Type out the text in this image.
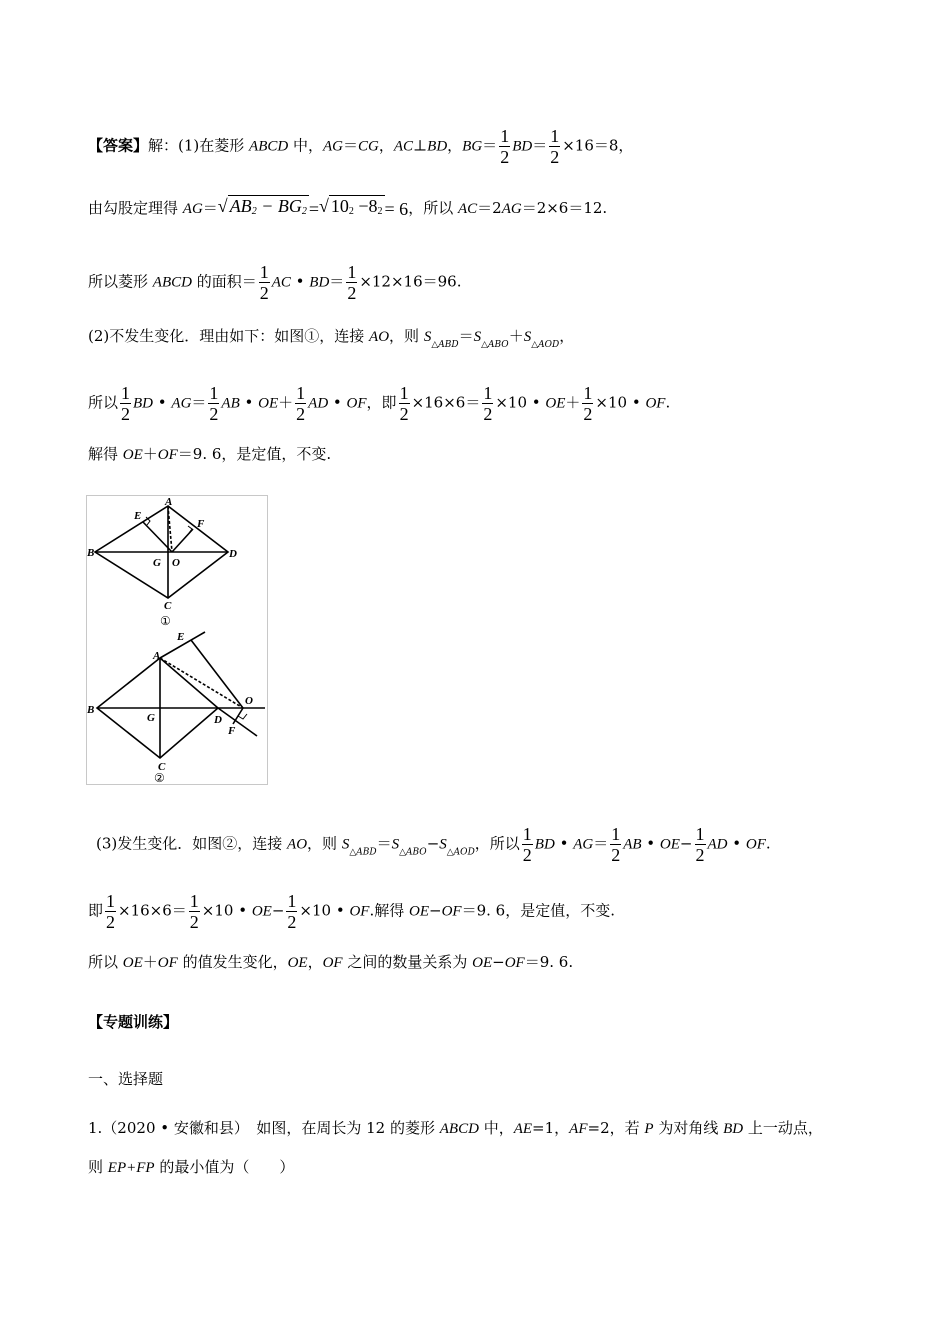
【答案】解：(1)在菱形 ABCD 中，AG＝CG，AC⊥BD，$BG= \frac{1}{2} BD= \frac{1}{2} \times 16=8$，
由勾股定理得 AG＝√ $AB_2 - BG_2=√$ $10_2 -8_2= 6$，所以 AC＝2AG＝2×6＝12.
所以菱形 ABCD 的面积＝ $\frac{1}{2}$ AC • $BD= \frac{1}{2} \times 12\times 16=96$.
(2)不发生变化．理由如下：如图①，连接 AO，则 $S_{\triangle ABD}=S_{\triangle ABO}+S_{\triangle AOD}$，
所以 $\frac{1}{2}$ BD • $AG= \frac{1}{2}$ AB • $OE+ \frac{1}{2}$ AD • OF，即 $\frac{1}{2} \times 16\times 6= \frac{1}{2} \times 10$ • $OE+ \frac{1}{2} \times 10$ • OF.
解得 OE＋OF＝9. 6，是定值，不变.
A
B
C
D
E
F
G O
A
B
C
D
E
F
G
O
①
②
(3)发生变化．如图②，连接 AO，则 $S_{\triangle ABD}=S_{\triangle ABO}-S_{\triangle AOD}$，所以 $\frac{1}{2}$ BD • $AG= \frac{1}{2}$ AB • $OE- \frac{1}{2}$ AD • OF.
即 $\frac{1}{2} \times 16\times 6= \frac{1}{2} \times 10$ • $OE- \frac{1}{2} \times 10$ • OF.解得 OE−OF＝9. 6，是定值，不变.
所以 OE＋OF 的值发生变化，OE，OF 之间的数量关系为 OE−OF＝9. 6.
【专题训练】
一、选择题
1.（2020 • 安徽和县）　如图，在周长为 12 的菱形 ABCD 中，AE=1，AF=2，若 P 为对角线 BD 上一动点，
则 EP+FP 的最小值为（　　）
